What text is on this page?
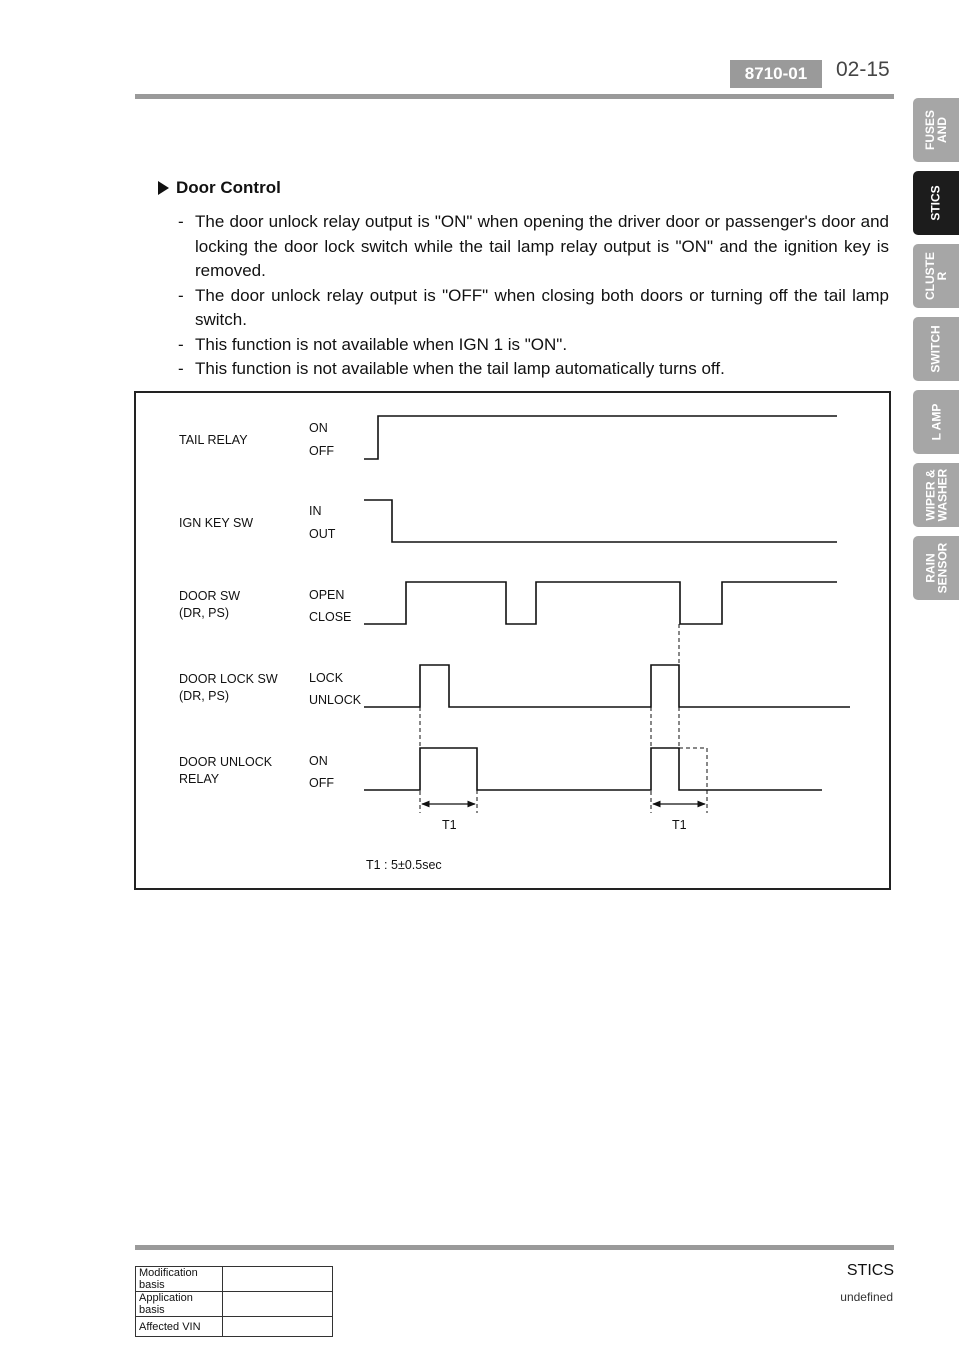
8710-01	02-15
FUSES
AND
STICS
CLUSTE
R
SWITCH
L AMP
WIPER &
WASHER
RAIN
SENSOR
Door Control
- The door unlock relay output is "ON" when opening the driver door or passenger's door and locking the door lock switch while the tail lamp relay output is "ON" and the ignition key is removed.
- The door unlock relay output is "OFF" when closing both doors or turning off the tail lamp switch.
- This function is not available when IGN 1 is "ON".
- This function is not available when the tail lamp automatically turns off.
TAIL RELAY
IGN KEY SW
DOOR SW
(DR, PS)
DOOR LOCK SW
(DR, PS)
DOOR UNLOCK
RELAY
ON
OFF
IN
OUT
OPEN
CLOSE
LOCK
UNLOCK
ON
OFF
T1	T1
T1 : 5±0.5sec
STICS
undefined
Modification basis	
Application basis	
Affected VIN	
